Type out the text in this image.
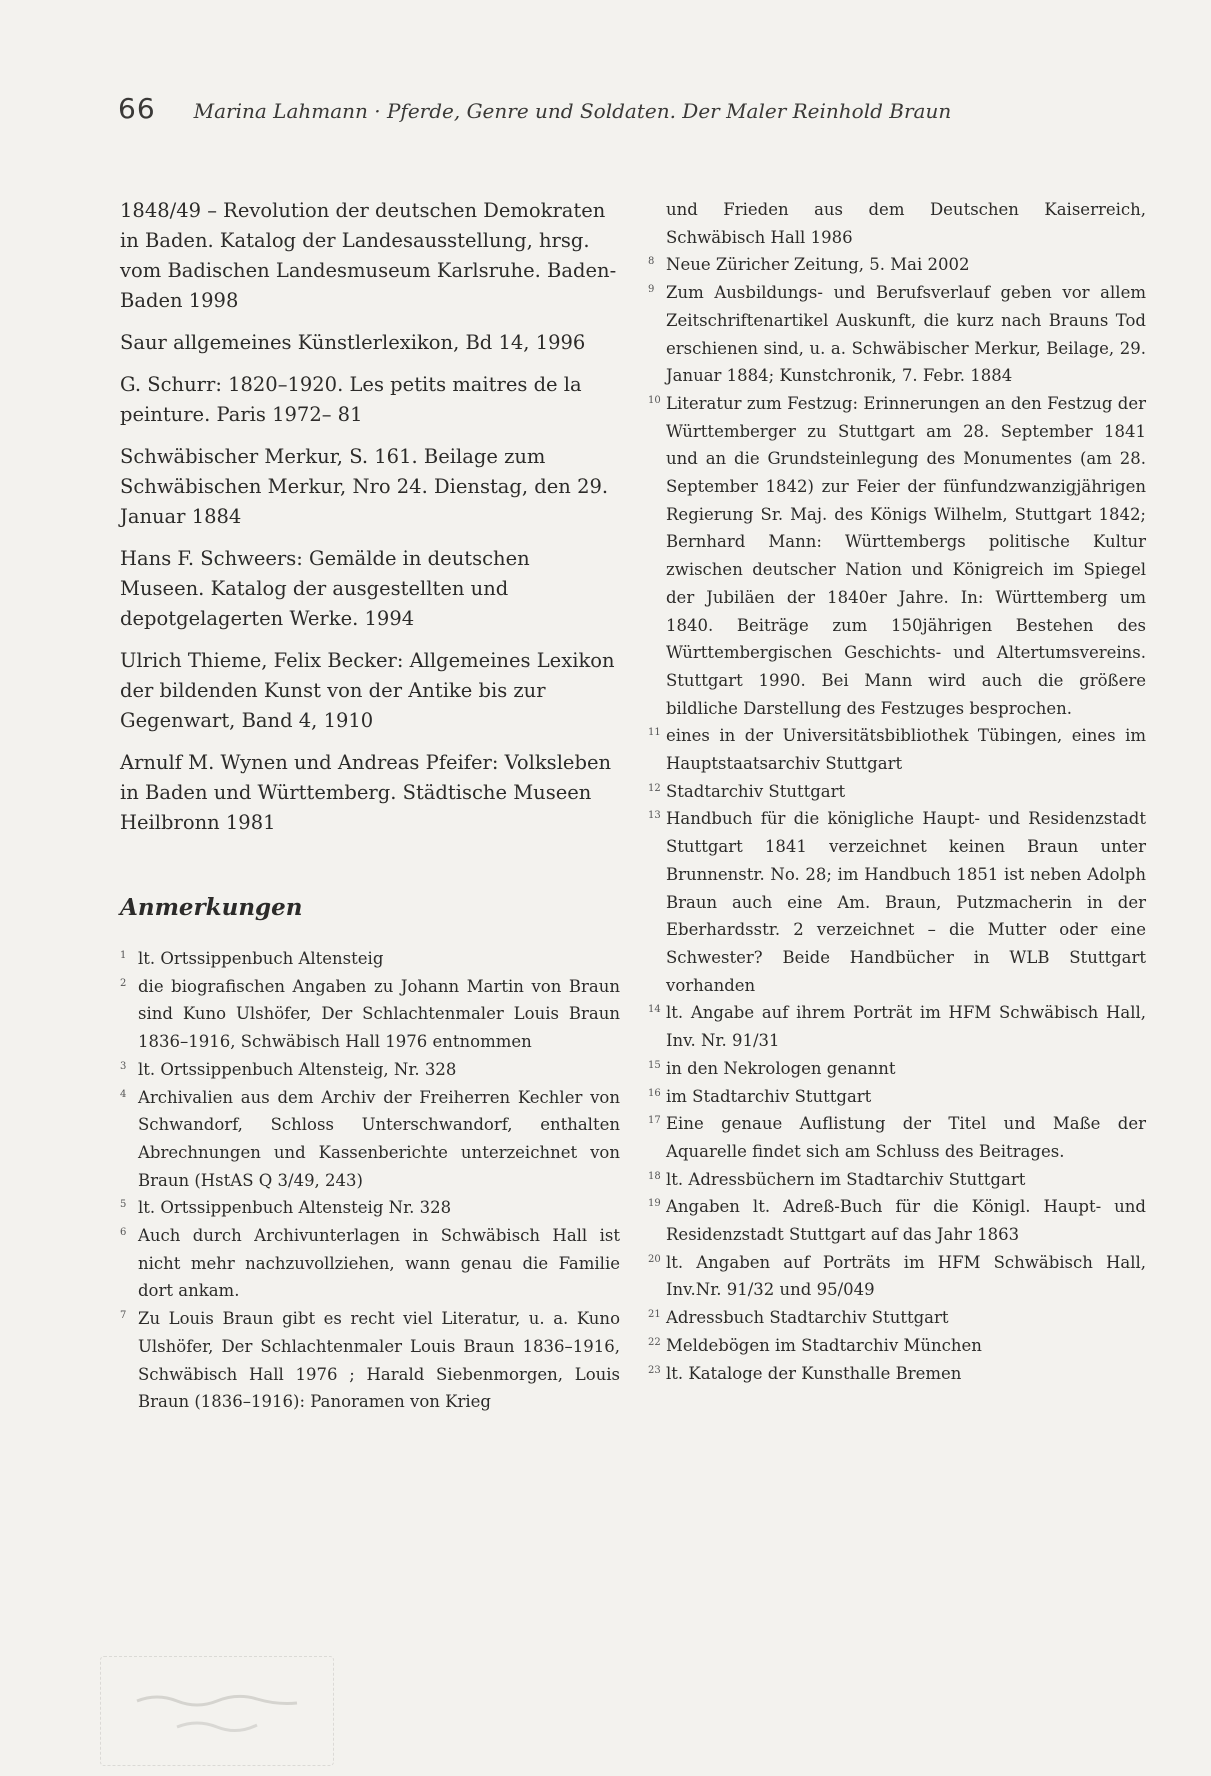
66 Marina Lahmann · Pferde, Genre und Soldaten. Der Maler Reinhold Braun

1848/49 – Revolution der deutschen Demokraten in Baden. Katalog der Landesausstellung, hrsg. vom Badischen Landesmuseum Karlsruhe. Baden-Baden 1998

Saur allgemeines Künstlerlexikon, Bd 14, 1996

G. Schurr: 1820–1920. Les petits maitres de la peinture. Paris 1972– 81

Schwäbischer Merkur, S. 161. Beilage zum Schwäbischen Merkur, Nro 24. Dienstag, den 29. Januar 1884

Hans F. Schweers: Gemälde in deutschen Museen. Katalog der ausgestellten und depotgelagerten Werke. 1994

Ulrich Thieme, Felix Becker: Allgemeines Lexikon der bildenden Kunst von der Antike bis zur Gegenwart, Band 4, 1910

Arnulf M. Wynen und Andreas Pfeifer: Volksleben in Baden und Württemberg. Städtische Museen Heilbronn 1981

Anmerkungen
1 lt. Ortssippenbuch Altensteig
2 die biografischen Angaben zu Johann Martin von Braun sind Kuno Ulshöfer, Der Schlachtenmaler Louis Braun 1836–1916, Schwäbisch Hall 1976 entnommen
3 lt. Ortssippenbuch Altensteig, Nr. 328
4 Archivalien aus dem Archiv der Freiherren Kechler von Schwandorf, Schloss Unterschwandorf, enthalten Abrechnungen und Kassenberichte unterzeichnet von Braun (HstAS Q 3/49, 243)
5 lt. Ortssippenbuch Altensteig Nr. 328
6 Auch durch Archivunterlagen in Schwäbisch Hall ist nicht mehr nachzuvollziehen, wann genau die Familie dort ankam.
7 Zu Louis Braun gibt es recht viel Literatur, u. a. Kuno Ulshöfer, Der Schlachtenmaler Louis Braun 1836–1916, Schwäbisch Hall 1976 ; Harald Siebenmorgen, Louis Braun (1836–1916): Panoramen von Krieg
und Frieden aus dem Deutschen Kaiserreich, Schwäbisch Hall 1986
8 Neue Züricher Zeitung, 5. Mai 2002
9 Zum Ausbildungs- und Berufsverlauf geben vor allem Zeitschriftenartikel Auskunft, die kurz nach Brauns Tod erschienen sind, u. a. Schwäbischer Merkur, Beilage, 29. Januar 1884; Kunstchronik, 7. Febr. 1884
10 Literatur zum Festzug: Erinnerungen an den Festzug der Württemberger zu Stuttgart am 28. September 1841 und an die Grundsteinlegung des Monumentes (am 28. September 1842) zur Feier der fünfundzwanzigjährigen Regierung Sr. Maj. des Königs Wilhelm, Stuttgart 1842; Bernhard Mann: Württembergs politische Kultur zwischen deutscher Nation und Königreich im Spiegel der Jubiläen der 1840er Jahre. In: Württemberg um 1840. Beiträge zum 150jährigen Bestehen des Württembergischen Geschichts- und Altertumsvereins. Stuttgart 1990. Bei Mann wird auch die größere bildliche Darstellung des Festzuges besprochen.
11 eines in der Universitätsbibliothek Tübingen, eines im Hauptstaatsarchiv Stuttgart
12 Stadtarchiv Stuttgart
13 Handbuch für die königliche Haupt- und Residenzstadt Stuttgart 1841 verzeichnet keinen Braun unter Brunnenstr. No. 28; im Handbuch 1851 ist neben Adolph Braun auch eine Am. Braun, Putzmacherin in der Eberhardsstr. 2 verzeichnet – die Mutter oder eine Schwester? Beide Handbücher in WLB Stuttgart vorhanden
14 lt. Angabe auf ihrem Porträt im HFM Schwäbisch Hall, Inv. Nr. 91/31
15 in den Nekrologen genannt
16 im Stadtarchiv Stuttgart
17 Eine genaue Auflistung der Titel und Maße der Aquarelle findet sich am Schluss des Beitrages.
18 lt. Adressbüchern im Stadtarchiv Stuttgart
19 Angaben lt. Adreß-Buch für die Königl. Haupt- und Residenzstadt Stuttgart auf das Jahr 1863
20 lt. Angaben auf Porträts im HFM Schwäbisch Hall, Inv.Nr. 91/32 und 95/049
21 Adressbuch Stadtarchiv Stuttgart
22 Meldebögen im Stadtarchiv München
23 lt. Kataloge der Kunsthalle Bremen
